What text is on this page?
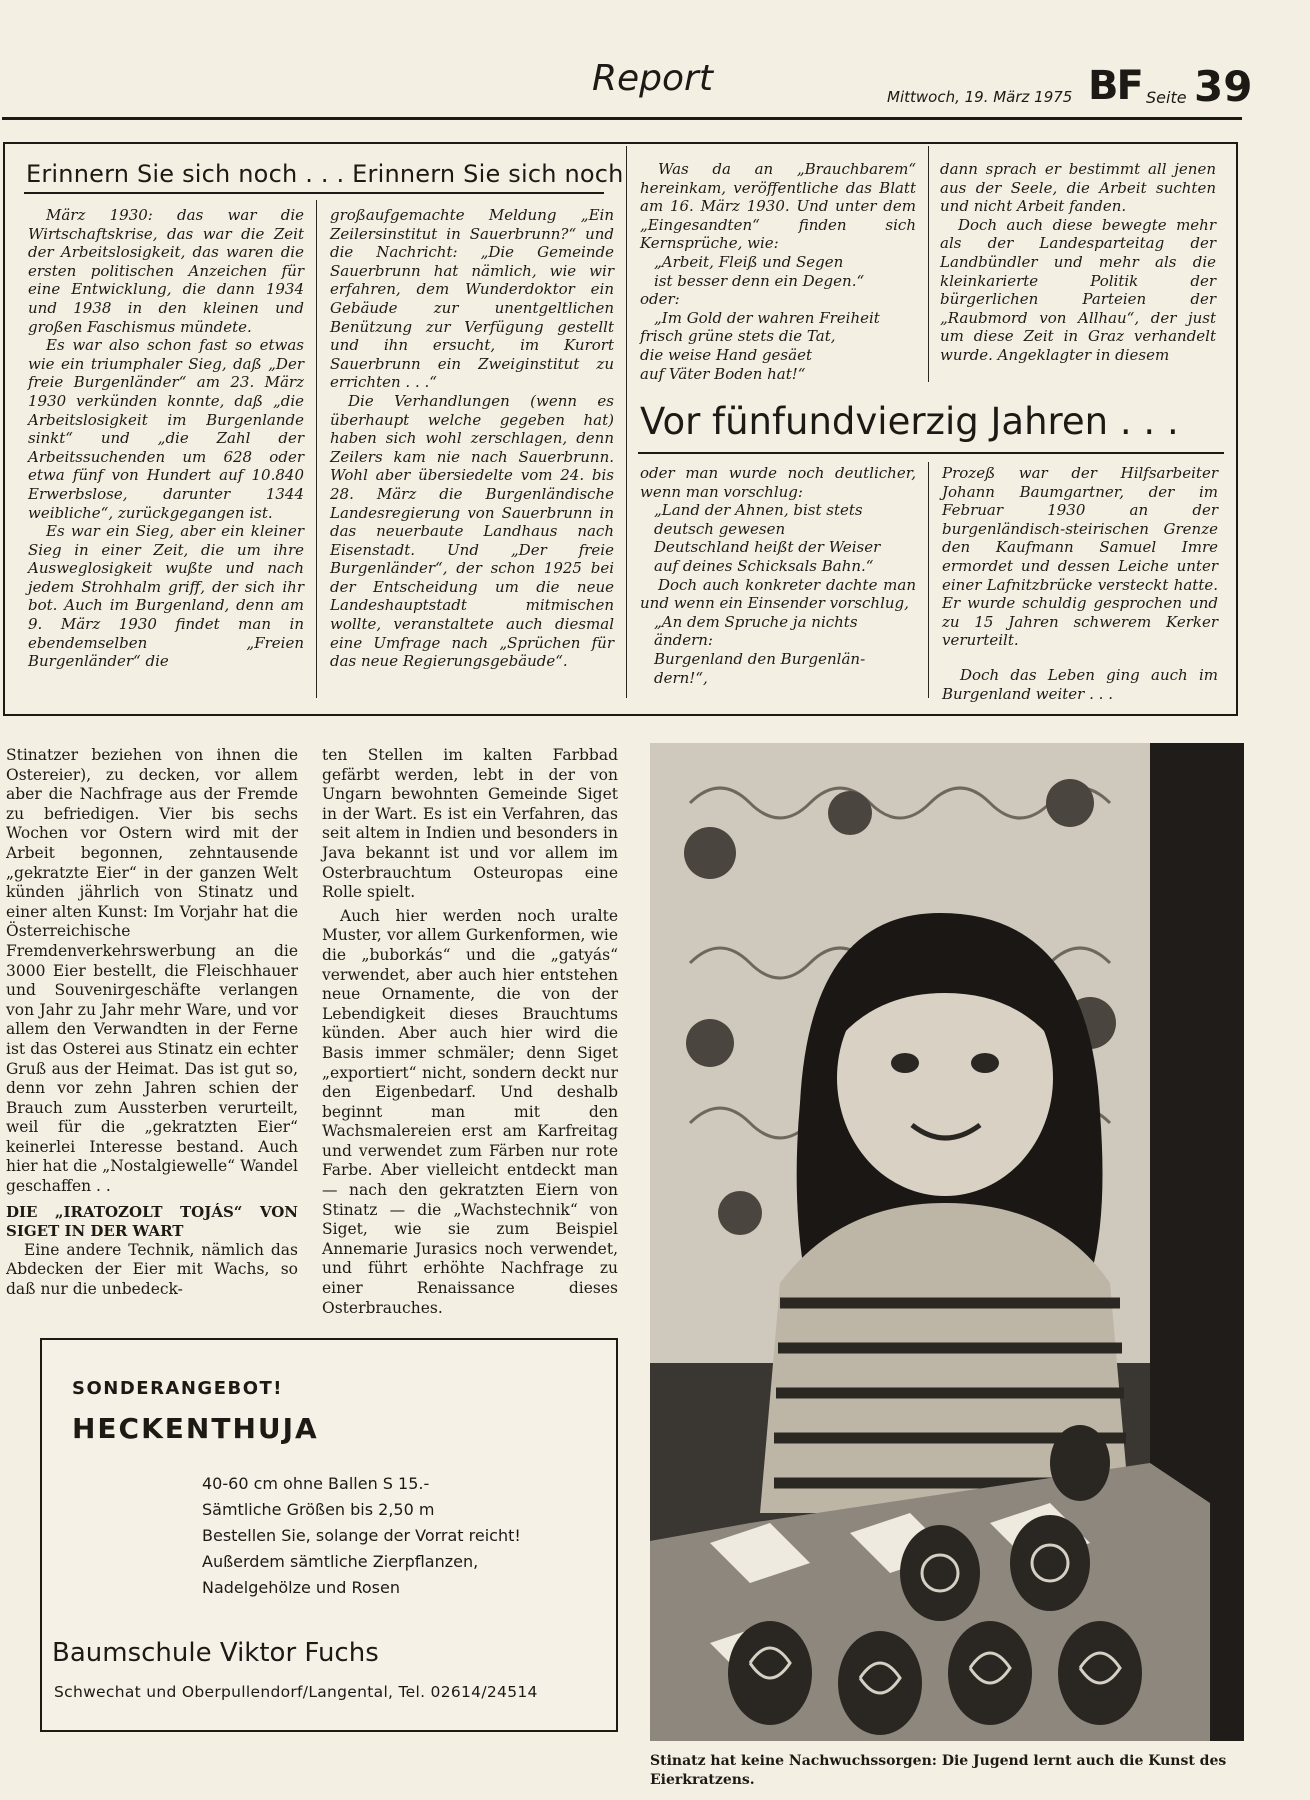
Report	Mittwoch, 19. März 1975 BF Seite 39
Erinnern Sie sich noch . . . Erinnern Sie sich noch

März 1930: das war die Wirtschaftskrise, das war die Zeit der Arbeitslosigkeit, das waren die ersten politischen Anzeichen für eine Entwicklung, die dann 1934 und 1938 in den kleinen und großen Faschismus mündete.

Es war also schon fast so etwas wie ein triumphaler Sieg, daß „Der freie Burgenländer“ am 23. März 1930 verkünden konnte, daß „die Arbeitslosigkeit im Burgenlande sinkt“ und „die Zahl der Arbeitssuchenden um 628 oder etwa fünf von Hundert auf 10.840 Erwerbslose, darunter 1344 weibliche“, zurückgegangen ist.

Es war ein Sieg, aber ein kleiner Sieg in einer Zeit, die um ihre Ausweglosigkeit wußte und nach jedem Strohhalm griff, der sich ihr bot. Auch im Burgenland, denn am 9. März 1930 findet man in ebendemselben „Freien Burgenländer“ die

großaufgemachte Meldung „Ein Zeilersinstitut in Sauerbrunn?“ und die Nachricht: „Die Gemeinde Sauerbrunn hat nämlich, wie wir erfahren, dem Wunderdoktor ein Gebäude zur unentgeltlichen Benützung zur Verfügung gestellt und ihn ersucht, im Kurort Sauerbrunn ein Zweiginstitut zu errichten . . .“

Die Verhandlungen (wenn es überhaupt welche gegeben hat) haben sich wohl zerschlagen, denn Zeilers kam nie nach Sauerbrunn. Wohl aber übersiedelte vom 24. bis 28. März die Burgenländische Landesregierung von Sauerbrunn in das neuerbaute Landhaus nach Eisenstadt. Und „Der freie Burgenländer“, der schon 1925 bei der Entscheidung um die neue Landeshauptstadt mitmischen wollte, veranstaltete auch diesmal eine Umfrage nach „Sprüchen für das neue Regierungsgebäude“.

Was da an „Brauchbarem“ hereinkam, veröffentliche das Blatt am 16. März 1930. Und unter dem „Eingesandten“ finden sich Kernsprüche, wie:

„Arbeit, Fleiß und Segen

ist besser denn ein Degen.“

oder:

„Im Gold der wahren Freiheit

frisch grüne stets die Tat,

die weise Hand gesäet

auf Väter Boden hat!“

dann sprach er bestimmt all jenen aus der Seele, die Arbeit suchten und nicht Arbeit fanden.

Doch auch diese bewegte mehr als der Landesparteitag der Landbündler und mehr als die kleinkarierte Politik der bürgerlichen Parteien der „Raubmord von Allhau“, der just um diese Zeit in Graz verhandelt wurde. Angeklagter in diesem

Vor fünfundvierzig Jahren . . .

oder man wurde noch deutlicher, wenn man vorschlug:

„Land der Ahnen, bist stets

deutsch gewesen

Deutschland heißt der Weiser

auf deines Schicksals Bahn.“

Doch auch konkreter dachte man und wenn ein Einsender vorschlug,

„An dem Spruche ja nichts

ändern:

Burgenland den Burgenlän-

dern!“,

Prozeß war der Hilfsarbeiter Johann Baumgartner, der im Februar 1930 an der burgenländisch-steirischen Grenze den Kaufmann Samuel Imre ermordet und dessen Leiche unter einer Lafnitzbrücke versteckt hatte. Er wurde schuldig gesprochen und zu 15 Jahren schwerem Kerker verurteilt.

Doch das Leben ging auch im Burgenland weiter . . .

Stinatzer beziehen von ihnen die Ostereier), zu decken, vor allem aber die Nachfrage aus der Fremde zu befriedigen. Vier bis sechs Wochen vor Ostern wird mit der Arbeit begonnen, zehntausende „gekratzte Eier“ in der ganzen Welt künden jährlich von Stinatz und einer alten Kunst: Im Vorjahr hat die Österreichische Fremdenverkehrswerbung an die 3000 Eier bestellt, die Fleischhauer und Souvenirgeschäfte verlangen von Jahr zu Jahr mehr Ware, und vor allem den Verwandten in der Ferne ist das Osterei aus Stinatz ein echter Gruß aus der Heimat. Das ist gut so, denn vor zehn Jahren schien der Brauch zum Aussterben verurteilt, weil für die „gekratzten Eier“ keinerlei Interesse bestand. Auch hier hat die „Nostalgiewelle“ Wandel geschaffen . .

DIE „IRATOZOLT TOJÁS“ VON SIGET IN DER WART

Eine andere Technik, nämlich das Abdecken der Eier mit Wachs, so daß nur die unbedeck-

ten Stellen im kalten Farbbad gefärbt werden, lebt in der von Ungarn bewohnten Gemeinde Siget in der Wart. Es ist ein Verfahren, das seit altem in Indien und besonders in Java bekannt ist und vor allem im Osterbrauchtum Osteuropas eine Rolle spielt.

Auch hier werden noch uralte Muster, vor allem Gurkenformen, wie die „buborkás“ und die „gatyás“ verwendet, aber auch hier entstehen neue Ornamente, die von der Lebendigkeit dieses Brauchtums künden. Aber auch hier wird die Basis immer schmäler; denn Siget „exportiert“ nicht, sondern deckt nur den Eigenbedarf. Und deshalb beginnt man mit den Wachsmalereien erst am Karfreitag und verwendet zum Färben nur rote Farbe. Aber vielleicht entdeckt man — nach den gekratzten Eiern von Stinatz — die „Wachstechnik“ von Siget, wie sie zum Beispiel Annemarie Jurasics noch verwendet, und führt erhöhte Nachfrage zu einer Renaissance dieses Osterbrauches.

Stinatz hat keine Nachwuchssorgen: Die Jugend lernt auch die Kunst des Eierkratzens.
SONDERANGEBOT!
HECKENTHUJA
40-60 cm ohne Ballen S 15.-
Sämtliche Größen bis 2,50 m
Bestellen Sie, solange der Vorrat reicht!
Außerdem sämtliche Zierpflanzen,
Nadelgehölze und Rosen
Baumschule Viktor Fuchs
Schwechat und Oberpullendorf/Langental, Tel. 02614/24514
